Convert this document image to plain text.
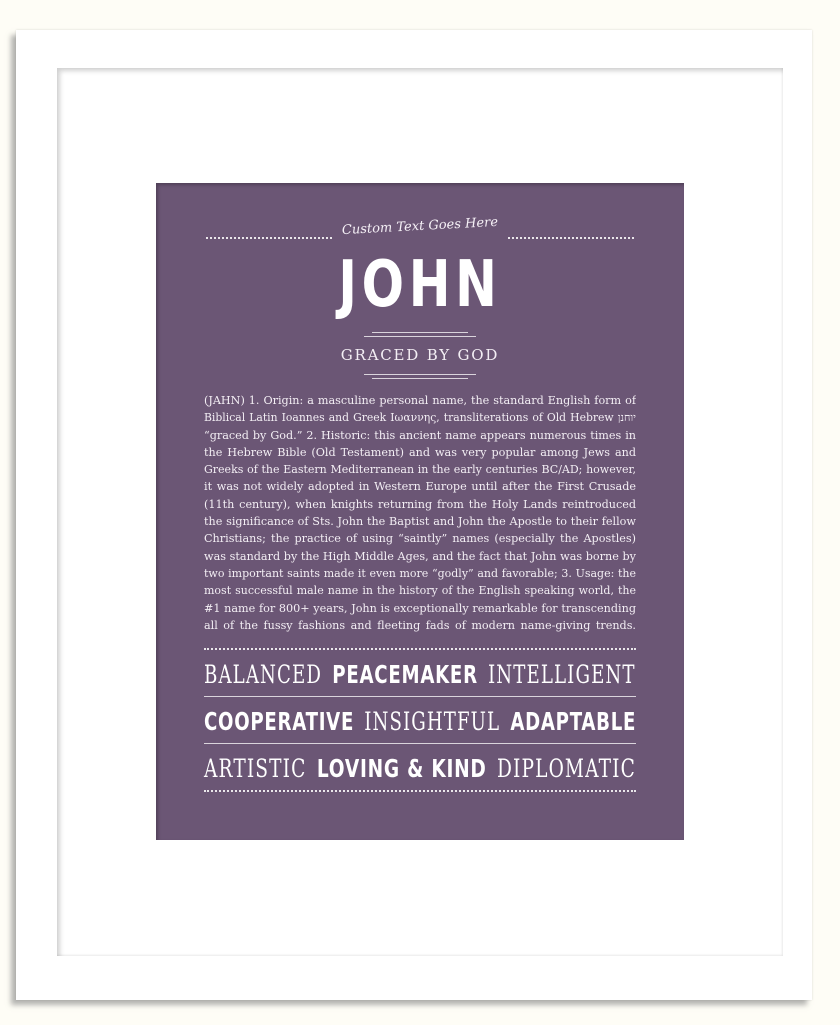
Custom Text Goes Here
JOHN
GRACED BY GOD
(JAHN) 1. Origin: a masculine personal name, the standard English form of
Biblical Latin Ioannes and Greek Ιωαννης, transliterations of Old Hebrew יוחנן
“graced by God.” 2. Historic: this ancient name appears numerous times in
the Hebrew Bible (Old Testament) and was very popular among Jews and
Greeks of the Eastern Mediterranean in the early centuries BC/AD; however,
it was not widely adopted in Western Europe until after the First Crusade
(11th century), when knights returning from the Holy Lands reintroduced
the significance of Sts. John the Baptist and John the Apostle to their fellow
Christians; the practice of using “saintly” names (especially the Apostles)
was standard by the High Middle Ages, and the fact that John was borne by
two important saints made it even more “godly” and favorable; 3. Usage: the
most successful male name in the history of the English speaking world, the
#1 name for 800+ years, John is exceptionally remarkable for transcending
all of the fussy fashions and fleeting fads of modern name-giving trends.
BALANCED PEACEMAKER INTELLIGENT
COOPERATIVE INSIGHTFUL ADAPTABLE
ARTISTIC LOVING & KIND DIPLOMATIC
